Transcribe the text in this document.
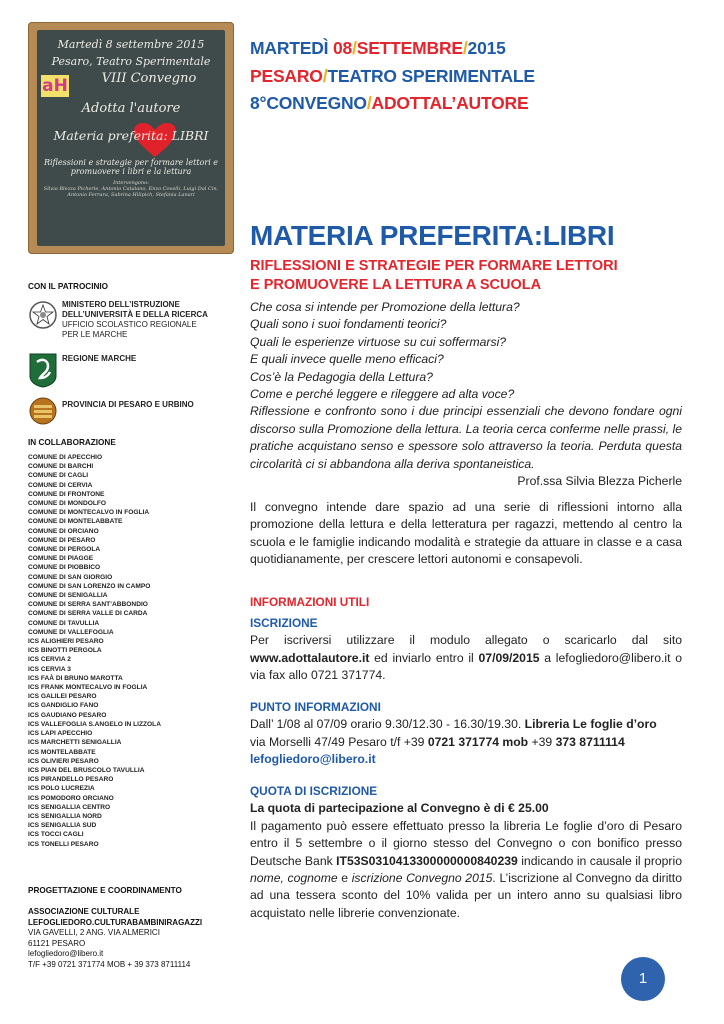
Martedì 8 settembre 2015
Pesaro, Teatro Sperimentale
aH	VIII Convegno
Adotta l'autore
Materia preferita: LIBRI
Riflessioni e strategie per formare lettori e promuovere i libri e la lettura
Intervengono:
Silvia Blezza Picherle, Antonio Catalano, Enzo Covelli, Luigi Dal Cin, Antonio Ferrara, Sabrina Hilipich, Stefania Lanari
MARTEDÌ 08/SETTEMBRE/2015
PESARO/TEATRO SPERIMENTALE
8°CONVEGNO/ADOTTAL’AUTORE
MATERIA PREFERITA:LIBRI
RIFLESSIONI E STRATEGIE PER FORMARE LETTORI
E PROMUOVERE LA LETTURA A SCUOLA

Che cosa si intende per Promozione della lettura?

Quali sono i suoi fondamenti teorici?

Quali le esperienze virtuose su cui soffermarsi?

E quali invece quelle meno efficaci?

Cos’è la Pedagogia della Lettura?

Come e perché leggere e rileggere ad alta voce?

Riflessione e confronto sono i due principi essenziali che devono fondare ogni discorso sulla Promozione della lettura. La teoria cerca conferme nelle prassi, le pratiche acquistano senso e spessore solo attraverso la teoria. Perduta questa circolarità ci si abbandona alla deriva spontaneistica.

Prof.ssa Silvia Blezza Picherle

Il convegno intende dare spazio ad una serie di riflessioni intorno alla promozione della lettura e della letteratura per ragazzi, mettendo al centro la scuola e le famiglie indicando modalità e strategie da attuare in classe e a casa quotidianamente, per crescere lettori autonomi e consapevoli.
INFORMAZIONI UTILI
ISCRIZIONE

Per iscriversi utilizzare il modulo allegato o scaricarlo dal sito www.adottalautore.it ed inviarlo entro il 07/09/2015 a lefogliedoro@libero.it o via fax allo 0721 371774.

PUNTO INFORMAZIONI

Dall’ 1/08 al 07/09 orario 9.30/12.30 - 16.30/19.30. Libreria Le foglie d’oro

via Morselli 47/49 Pesaro t/f +39 0721 371774 mob +39 373 8711114

lefogliedoro@libero.it

QUOTA DI ISCRIZIONE

La quota di partecipazione al Convegno è di € 25.00

Il pagamento può essere effettuato presso la libreria Le foglie d’oro di Pesaro entro il 5 settembre o il giorno stesso del Convegno o con bonifico presso Deutsche Bank IT53S0310413300000000840239 indicando in causale il proprio nome, cognome e iscrizione Convegno 2015. L’iscrizione al Convegno da diritto ad una tessera sconto del 10% valida per un intero anno su qualsiasi libro acquistato nelle librerie convenzionate.

CON IL PATROCINIO
MINISTERO DELL’ISTRUZIONE
DELL’UNIVERSITÀ E DELLA RICERCA
UFFICIO SCOLASTICO REGIONALE
PER LE MARCHE
REGIONE MARCHE
PROVINCIA DI PESARO E URBINO
IN COLLABORAZIONE
COMUNE DI APECCHIO
COMUNE DI BARCHI
COMUNE DI CAGLI
COMUNE DI CERVIA
COMUNE DI FRONTONE
COMUNE DI MONDOLFO
COMUNE DI MONTECALVO IN FOGLIA
COMUNE DI MONTELABBATE
COMUNE DI ORCIANO
COMUNE DI PESARO
COMUNE DI PERGOLA
COMUNE DI PIAGGE
COMUNE DI PIOBBICO
COMUNE DI SAN GIORGIO
COMUNE DI SAN LORENZO IN CAMPO
COMUNE DI SENIGALLIA
COMUNE DI SERRA SANT’ABBONDIO
COMUNE DI SERRA VALLE DI CARDA
COMUNE DI TAVULLIA
COMUNE DI VALLEFOGLIA
ICS ALIGHIERI PESARO
ICS BINOTTI PERGOLA
ICS CERVIA 2
ICS CERVIA 3
ICS FAÀ DI BRUNO MAROTTA
ICS FRANK MONTECALVO IN FOGLIA
ICS GALILEI PESARO
ICS GANDIGLIO FANO
ICS GAUDIANO PESARO
ICS VALLEFOGLIA S.ANGELO IN LIZZOLA
ICS LAPI APECCHIO
ICS MARCHETTI SENIGALLIA
ICS MONTELABBATE
ICS OLIVIERI PESARO
ICS PIAN DEL BRUSCOLO TAVULLIA
ICS PIRANDELLO PESARO
ICS POLO LUCREZIA
ICS POMODORO ORCIANO
ICS SENIGALLIA CENTRO
ICS SENIGALLIA NORD
ICS SENIGALLIA SUD
ICS TOCCI CAGLI
ICS TONELLI PESARO
PROGETTAZIONE E COORDINAMENTO
ASSOCIAZIONE CULTURALE
LEFOGLIEDORO.CULTURABAMBINIRAGAZZI
VIA GAVELLI, 2 ANG. VIA ALMERICI
61121 PESARO
lefogliedoro@libero.it
T/F +39 0721 371774 MOB + 39 373 8711114
1
